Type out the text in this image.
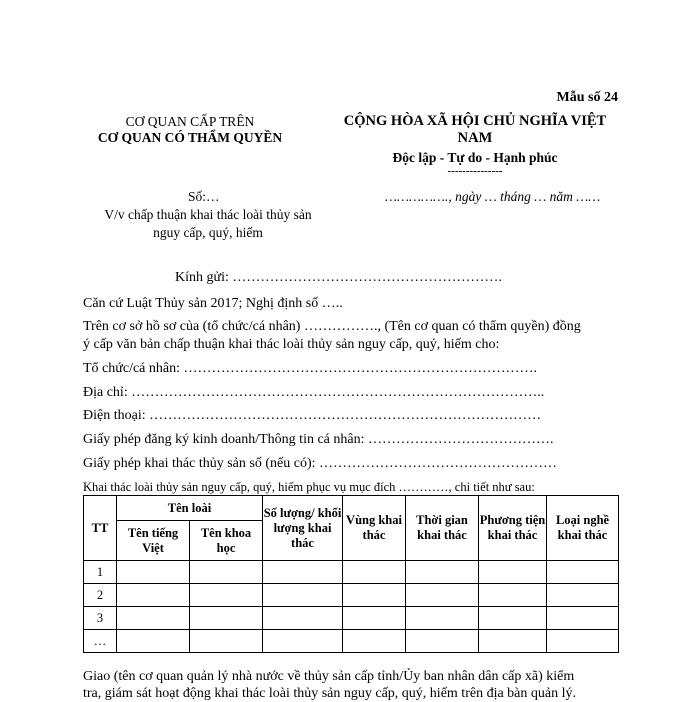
Mẫu số 24
CƠ QUAN CẤP TRÊN
CƠ QUAN CÓ THẨM QUYỀN
CỘNG HÒA XÃ HỘI CHỦ NGHĨA VIỆT
NAM
Độc lập - Tự do - Hạnh phúc
---------------
Số:…
V/v chấp thuận khai thác loài thủy sản
nguy cấp, quý, hiếm
……………., ngày … tháng … năm ……
Kính gửi: ………………………………………………….
Căn cứ Luật Thủy sản 2017; Nghị định số …..
Trên cơ sở hồ sơ của (tổ chức/cá nhân) ……………., (Tên cơ quan có thẩm quyền) đồng
ý cấp văn bản chấp thuận khai thác loài thủy sản nguy cấp, quý, hiếm cho:
Tổ chức/cá nhân: ………………………………………………………………….
Địa chỉ: ……………………………………………………………………………..
Điện thoại: …………………………………………………………………………
Giấy phép đăng ký kinh doanh/Thông tin cá nhân: ………………………………….
Giấy phép khai thác thủy sản số (nếu có): ……………………………………………
Khai thác loài thủy sản nguy cấp, quý, hiếm phục vụ mục đích …………, chi tiết như sau:
TT	Tên loài		Số lượng/ khối lượng khai thác	Vùng khai thác	Thời gian khai thác	Phương tiện khai thác	Loại nghề khai thác
	Tên tiếng Việt	Tên khoa học					
1							
2							
3							
…							
Giao (tên cơ quan quản lý nhà nước về thủy sản cấp tỉnh/Ủy ban nhân dân cấp xã) kiểm
tra, giám sát hoạt động khai thác loài thủy sản nguy cấp, quý, hiếm trên địa bàn quản lý.
